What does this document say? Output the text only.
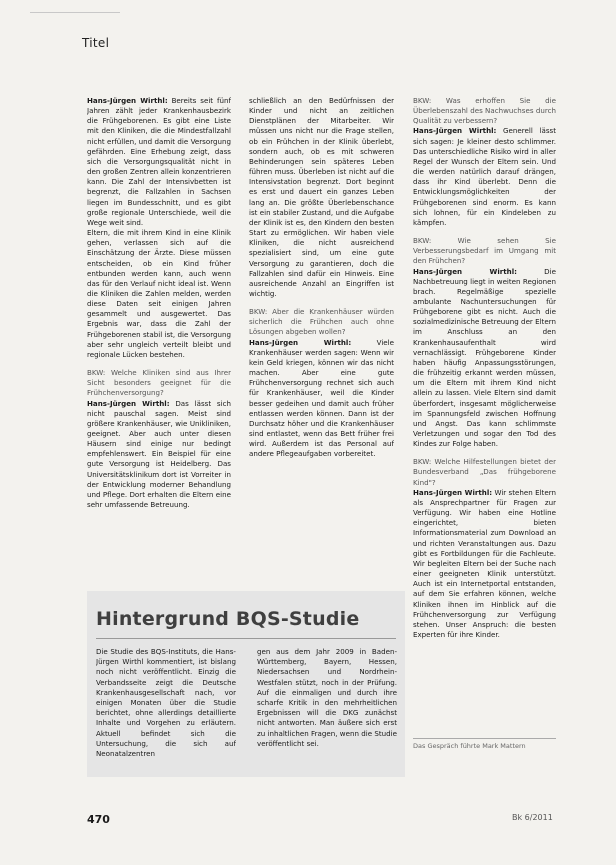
Titel

Hans-Jürgen Wirthl: Bereits seit fünf Jahren zählt jeder Krankenhausbezirk die Frühgeborenen. Es gibt eine Liste mit den Kliniken, die die Mindestfallzahl nicht erfüllen, und damit die Versorgung gefährden. Eine Erhebung zeigt, dass sich die Versorgungsqualität nicht in den großen Zentren allein konzentrieren kann. Die Zahl der Intensivbetten ist begrenzt, die Fallzahlen in Sachsen liegen im Bundesschnitt, und es gibt große regionale Unterschiede, weil die Wege weit sind.

Eltern, die mit ihrem Kind in eine Klinik gehen, verlassen sich auf die Einschätzung der Ärzte. Diese müssen entscheiden, ob ein Kind früher entbunden werden kann, auch wenn das für den Verlauf nicht ideal ist. Wenn die Kliniken die Zahlen melden, werden diese Daten seit einigen Jahren gesammelt und ausgewertet. Das Ergebnis war, dass die Zahl der Frühgeborenen stabil ist, die Versorgung aber sehr ungleich verteilt bleibt und regionale Lücken bestehen.

BKW: Welche Kliniken sind aus Ihrer Sicht besonders geeignet für die Frühchenversorgung?

Hans-Jürgen Wirthl: Das lässt sich nicht pauschal sagen. Meist sind größere Krankenhäuser, wie Unikliniken, geeignet. Aber auch unter diesen Häusern sind einige nur bedingt empfehlenswert. Ein Beispiel für eine gute Versorgung ist Heidelberg. Das Universitätsklinikum dort ist Vorreiter in der Entwicklung moderner Behandlung und Pflege. Dort erhalten die Eltern eine sehr umfassende Betreuung.

schließlich an den Bedürfnissen der Kinder und nicht an zeitlichen Dienstplänen der Mitarbeiter. Wir müssen uns nicht nur die Frage stellen, ob ein Frühchen in der Klinik überlebt, sondern auch, ob es mit schweren Behinderungen sein späteres Leben führen muss. Überleben ist nicht auf die Intensivstation begrenzt. Dort beginnt es erst und dauert ein ganzes Leben lang an. Die größte Überlebenschance ist ein stabiler Zustand, und die Aufgabe der Klinik ist es, den Kindern den besten Start zu ermöglichen. Wir haben viele Kliniken, die nicht ausreichend spezialisiert sind, um eine gute Versorgung zu garantieren, doch die Fallzahlen sind dafür ein Hinweis. Eine ausreichende Anzahl an Eingriffen ist wichtig.

BKW: Aber die Krankenhäuser würden sicherlich die Frühchen auch ohne Lösungen abgeben wollen?

Hans-Jürgen Wirthl: Viele Krankenhäuser werden sagen: Wenn wir kein Geld kriegen, können wir das nicht machen. Aber eine gute Frühchenversorgung rechnet sich auch für Krankenhäuser, weil die Kinder besser gedeihen und damit auch früher entlassen werden können. Dann ist der Durchsatz höher und die Krankenhäuser sind entlastet, wenn das Bett früher frei wird. Außerdem ist das Personal auf andere Pflegeaufgaben vorbereitet.

BKW: Was erhoffen Sie die Überlebenszahl des Nachwuchses durch Qualität zu verbessern?

Hans-Jürgen Wirthl: Generell lässt sich sagen: Je kleiner desto schlimmer. Das unterschiedliche Risiko wird in aller Regel der Wunsch der Eltern sein. Und die werden natürlich darauf drängen, dass ihr Kind überlebt. Denn die Entwicklungsmöglichkeiten der Frühgeborenen sind enorm. Es kann sich lohnen, für ein Kindeleben zu kämpfen.

BKW: Wie sehen Sie Verbesserungsbedarf im Umgang mit den Frühchen?

Hans-Jürgen Wirthl: Die Nachbetreuung liegt in weiten Regionen brach. Regelmäßige spezielle ambulante Nachuntersuchungen für Frühgeborene gibt es nicht. Auch die sozialmedizinische Betreuung der Eltern im Anschluss an den Krankenhausaufenthalt wird vernachlässigt. Frühgeborene Kinder haben häufig Anpassungsstörungen, die frühzeitig erkannt werden müssen, um die Eltern mit ihrem Kind nicht allein zu lassen. Viele Eltern sind damit überfordert, insgesamt möglicherweise im Spannungsfeld zwischen Hoffnung und Angst. Das kann schlimmste Verletzungen und sogar den Tod des Kindes zur Folge haben.

BKW: Welche Hilfestellungen bietet der Bundesverband „Das frühgeborene Kind"?

Hans-Jürgen Wirthl: Wir stehen Eltern als Ansprechpartner für Fragen zur Verfügung. Wir haben eine Hotline eingerichtet, bieten Informationsmaterial zum Download an und richten Veranstaltungen aus. Dazu gibt es Fortbildungen für die Fachleute. Wir begleiten Eltern bei der Suche nach einer geeigneten Klinik unterstützt. Auch ist ein Internetportal entstanden, auf dem Sie erfahren können, welche Kliniken ihnen im Hinblick auf die Frühchenversorgung zur Verfügung stehen. Unser Anspruch: die besten Experten für ihre Kinder.

Hintergrund BQS-Studie
Die Studie des BQS-Instituts, die Hans-Jürgen Wirthl kommentiert, ist bislang noch nicht veröffentlicht. Einzig die Verbandsseite zeigt die Deutsche Krankenhausgesellschaft nach, vor einigen Monaten über die Studie berichtet, ohne allerdings detaillierte Inhalte und Vorgehen zu erläutern. Aktuell befindet sich die Untersuchung, die sich auf Neonatalzentren
gen aus dem Jahr 2009 in Baden-Württemberg, Bayern, Hessen, Niedersachsen und Nordrhein-Westfalen stützt, noch in der Prüfung. Auf die einmaligen und durch ihre scharfe Kritik in den mehrheitlichen Ergebnissen will die DKG zunächst nicht antworten. Man äußere sich erst zu inhaltlichen Fragen, wenn die Studie veröffentlicht sei.	Das Gespräch führte Mark Mattern
470	Bk 6/2011
